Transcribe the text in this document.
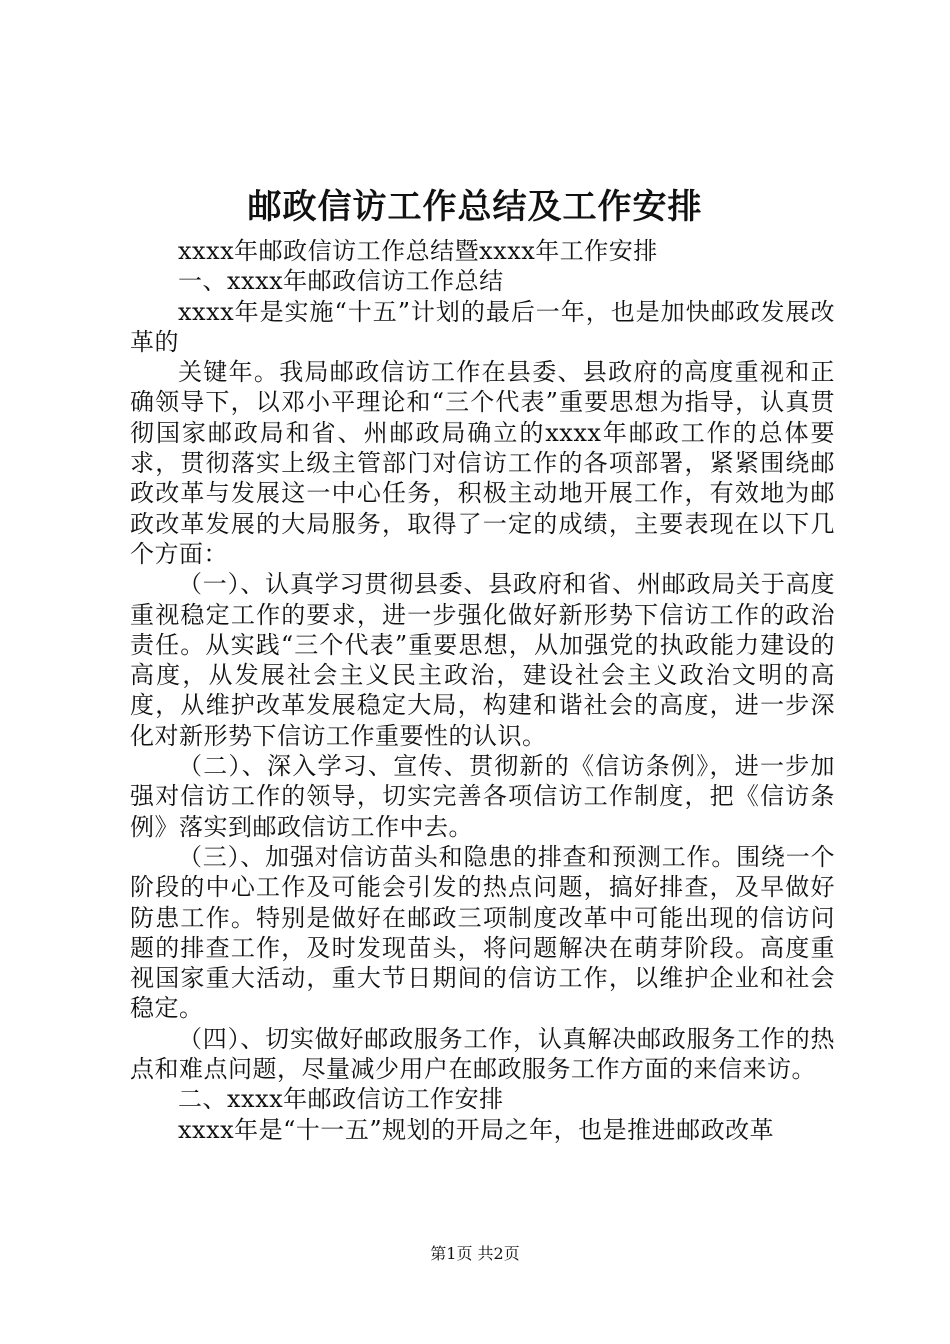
邮政信访工作总结及工作安排

xxxx年邮政信访工作总结暨xxxx年工作安排

一、xxxx年邮政信访工作总结

xxxx年是实施“十五”计划的最后一年，也是加快邮政发展改革的

关键年。我局邮政信访工作在县委、县政府的高度重视和正确领导下，以邓小平理论和“三个代表”重要思想为指导，认真贯彻国家邮政局和省、州邮政局确立的xxxx年邮政工作的总体要求，贯彻落实上级主管部门对信访工作的各项部署，紧紧围绕邮政改革与发展这一中心任务，积极主动地开展工作，有效地为邮政改革发展的大局服务，取得了一定的成绩，主要表现在以下几个方面：

（一）、认真学习贯彻县委、县政府和省、州邮政局关于高度重视稳定工作的要求，进一步强化做好新形势下信访工作的政治责任。从实践“三个代表”重要思想，从加强党的执政能力建设的高度，从发展社会主义民主政治，建设社会主义政治文明的高度，从维护改革发展稳定大局，构建和谐社会的高度，进一步深化对新形势下信访工作重要性的认识。

（二）、深入学习、宣传、贯彻新的《信访条例》，进一步加强对信访工作的领导，切实完善各项信访工作制度，把《信访条例》落实到邮政信访工作中去。

（三）、加强对信访苗头和隐患的排查和预测工作。围绕一个阶段的中心工作及可能会引发的热点问题，搞好排查，及早做好防患工作。特别是做好在邮政三项制度改革中可能出现的信访问题的排查工作，及时发现苗头，将问题解决在萌芽阶段。高度重视国家重大活动，重大节日期间的信访工作，以维护企业和社会稳定。

（四）、切实做好邮政服务工作，认真解决邮政服务工作的热点和难点问题，尽量减少用户在邮政服务工作方面的来信来访。

二、xxxx年邮政信访工作安排

xxxx年是“十一五”规划的开局之年，也是推进邮政改革

第1页 共2页
